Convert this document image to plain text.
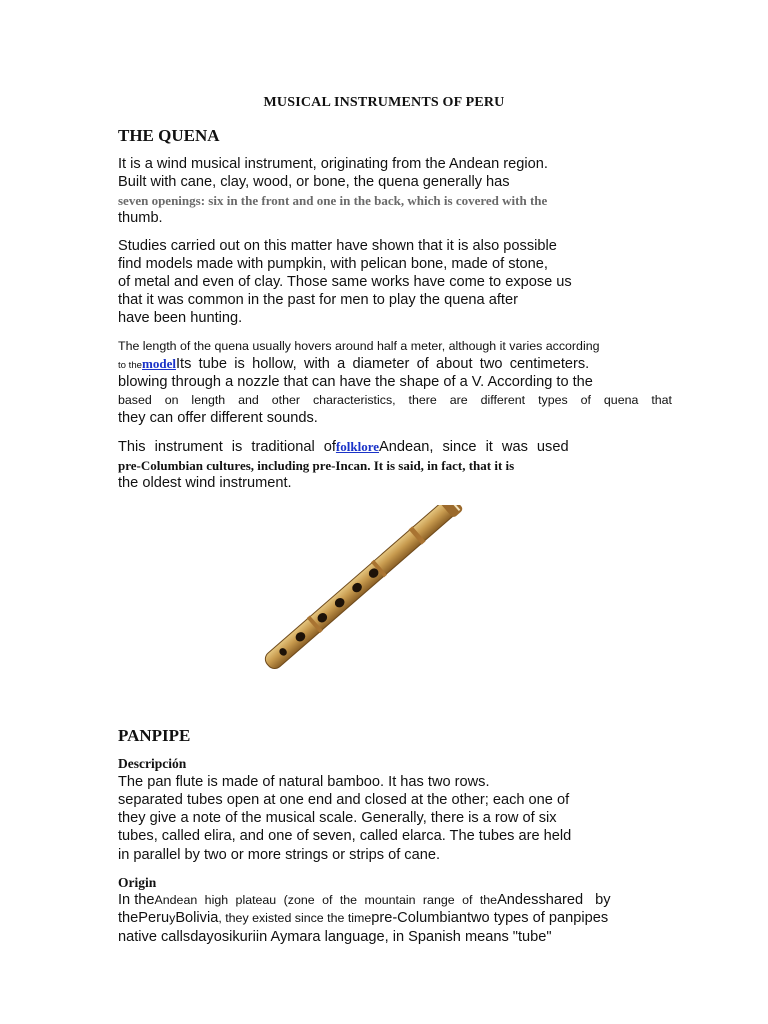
MUSICAL INSTRUMENTS OF PERU
THE QUENA
It is a wind musical instrument, originating from the Andean region.
Built with cane, clay, wood, or bone, the quena generally has
seven openings: six in the front and one in the back, which is covered with the
thumb.
Studies carried out on this matter have shown that it is also possible
find models made with pumpkin, with pelican bone, made of stone,
of metal and even of clay. Those same works have come to expose us
that it was common in the past for men to play the quena after
have been hunting.
The length of the quena usually hovers around half a meter, although it varies according
to themodelIts tube is hollow, with a diameter of about two centimeters.
blowing through a nozzle that can have the shape of a V. According to the
based on length and other characteristics, there are different types of quena that
they can offer different sounds.
This instrument is traditional offolkloreAndean, since it was used
pre-Columbian cultures, including pre-Incan. It is said, in fact, that it is
the oldest wind instrument.
PANPIPE
Descripción
The pan flute is made of natural bamboo. It has two rows.
separated tubes open at one end and closed at the other; each one of
they give a note of the musical scale. Generally, there is a row of six
tubes, called elira, and one of seven, called elarca. The tubes are held
in parallel by two or more strings or strips of cane.
Origin
In theAndean high plateau (zone of the mountain range of theAndesshared by
thePeruyBolivia, they existed since the timepre-Columbiantwo types of panpipes
native callsdayosikuriin Aymara language, in Spanish means "tube"
